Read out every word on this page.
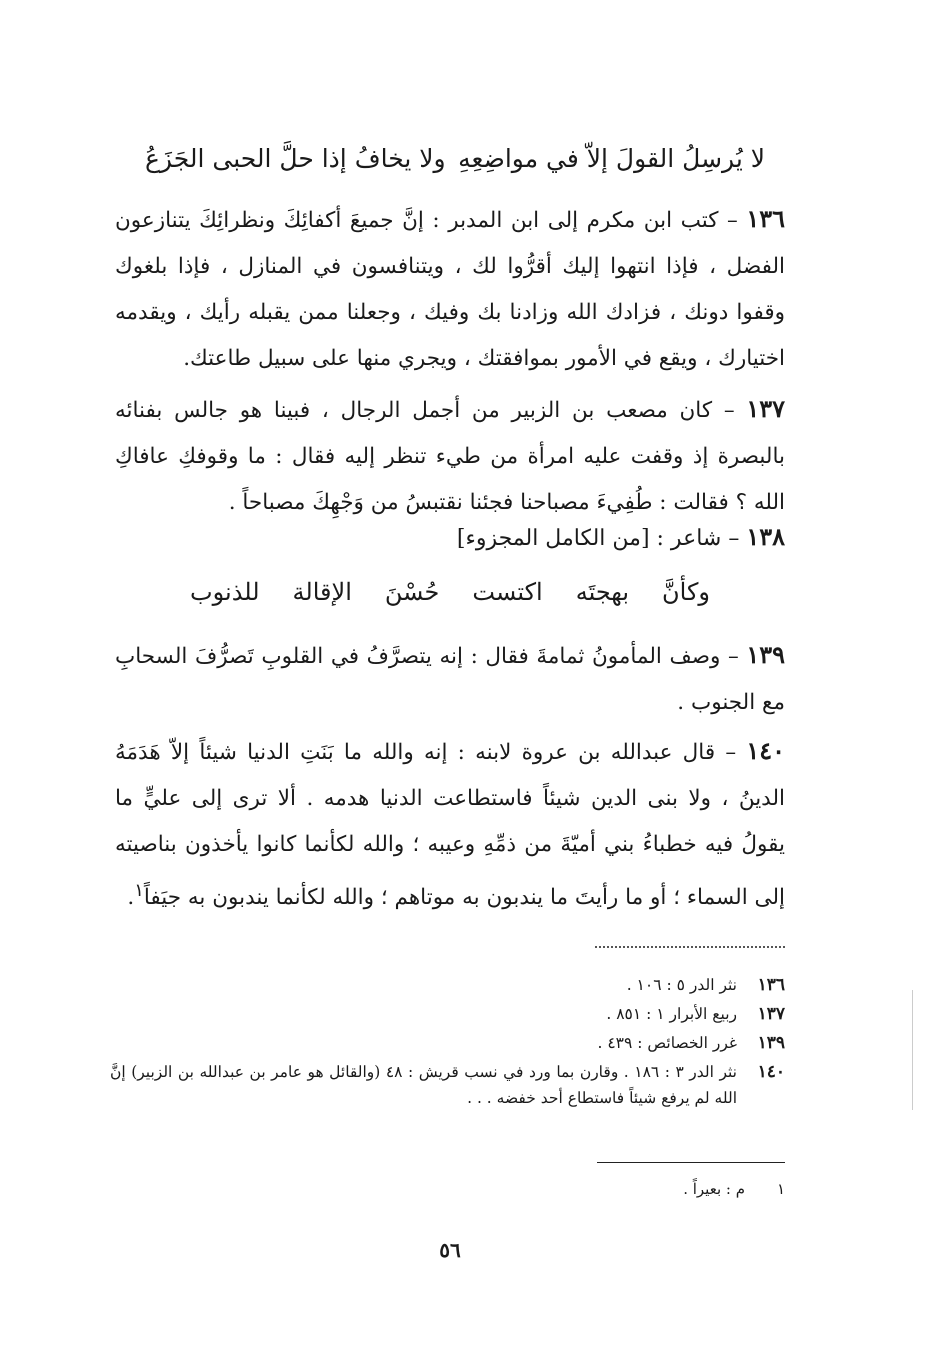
لا يُرسِلُ القولَ إلاّ في مواضِعِهِ
ولا يخافُ إذا حلَّ الحبى الجَزَعُ

١٣٦ – كتب ابن مكرم إلى ابن المدبر : إنَّ جميعَ أكفائِكَ ونظرائِكَ يتنازعون الفضل ، فإذا انتهوا إليك أقرُّوا لك ، ويتنافسون في المنازل ، فإذا بلغوك وقفوا دونك ، فزادك الله وزادنا بك وفيك ، وجعلنا ممن يقبله رأيك ، ويقدمه اختيارك ، ويقع في الأمور بموافقتك ، ويجري منها على سبيل طاعتك.

١٣٧ – كان مصعب بن الزبير من أجمل الرجال ، فبينا هو جالس بفنائه بالبصرة إذ وقفت عليه امرأة من طيء تنظر إليه فقال : ما وقوفكِ عافاكِ الله ؟ فقالت : طُفِيءَ مصباحنا فجئنا نقتبسُ من وَجْهِكَ مصباحاً .

١٣٨ – شاعر : [من الكامل المجزوء]
وكأنَّ
بهجتَه
اكتست
حُسْنَ
الإقالة
للذنوب
١٣٩ – وصف المأمونُ ثمامةَ فقال : إنه يتصرَّفُ في القلوبِ تَصرُّفَ السحابِ مع الجنوب .
١٤٠ – قال عبدالله بن عروة لابنه : إنه والله ما بَنَتِ الدنيا شيئاً إلاّ هَدَمَهُ الدينُ ، ولا بنى الدين شيئاً فاستطاعت الدنيا هدمه . ألا ترى إلى عليٍّ ما يقولُ فيه خطباءُ بني أميّةَ من ذمِّهِ وعيبه ؛ والله لكأنما كانوا يأخذون بناصيته إلى السماء ؛ أو ما رأيتَ ما يندبون به موتاهم ؛ والله لكأنما يندبون به جيَفاً$^١$.
١٣٦
نثر الدر ٥ : ١٠٦ .
١٣٧
ربيع الأبرار ١ : ٨٥١ .
١٣٩
غرر الخصائص : ٤٣٩ .
١٤٠
نثر الدر ٣ : ١٨٦ . وقارن بما ورد في نسب قريش : ٤٨ (والقائل هو عامر بن عبدالله بن الزبير) إنَّ الله لم يرفع شيئاً فاستطاع أحد خفضه . . .
١
م : بعيراً .
٥٦
